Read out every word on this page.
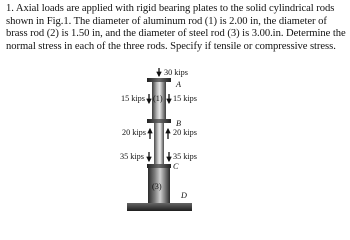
1. Axial loads are applied with rigid bearing plates to the solid cylindrical rods shown in Fig.1. The diameter of aluminum rod (1) is 2.00 in, the diameter of brass rod (2) is 1.50 in, and the diameter of steel rod (3) is 3.00.in. Determine the normal stress in each of the three rods. Specify if tensile or compressive stress.

30 kips
A
15 kips	15 kips
(1)
B
20 kips	20 kips
35 kips	35 kips
C
(3)
D
